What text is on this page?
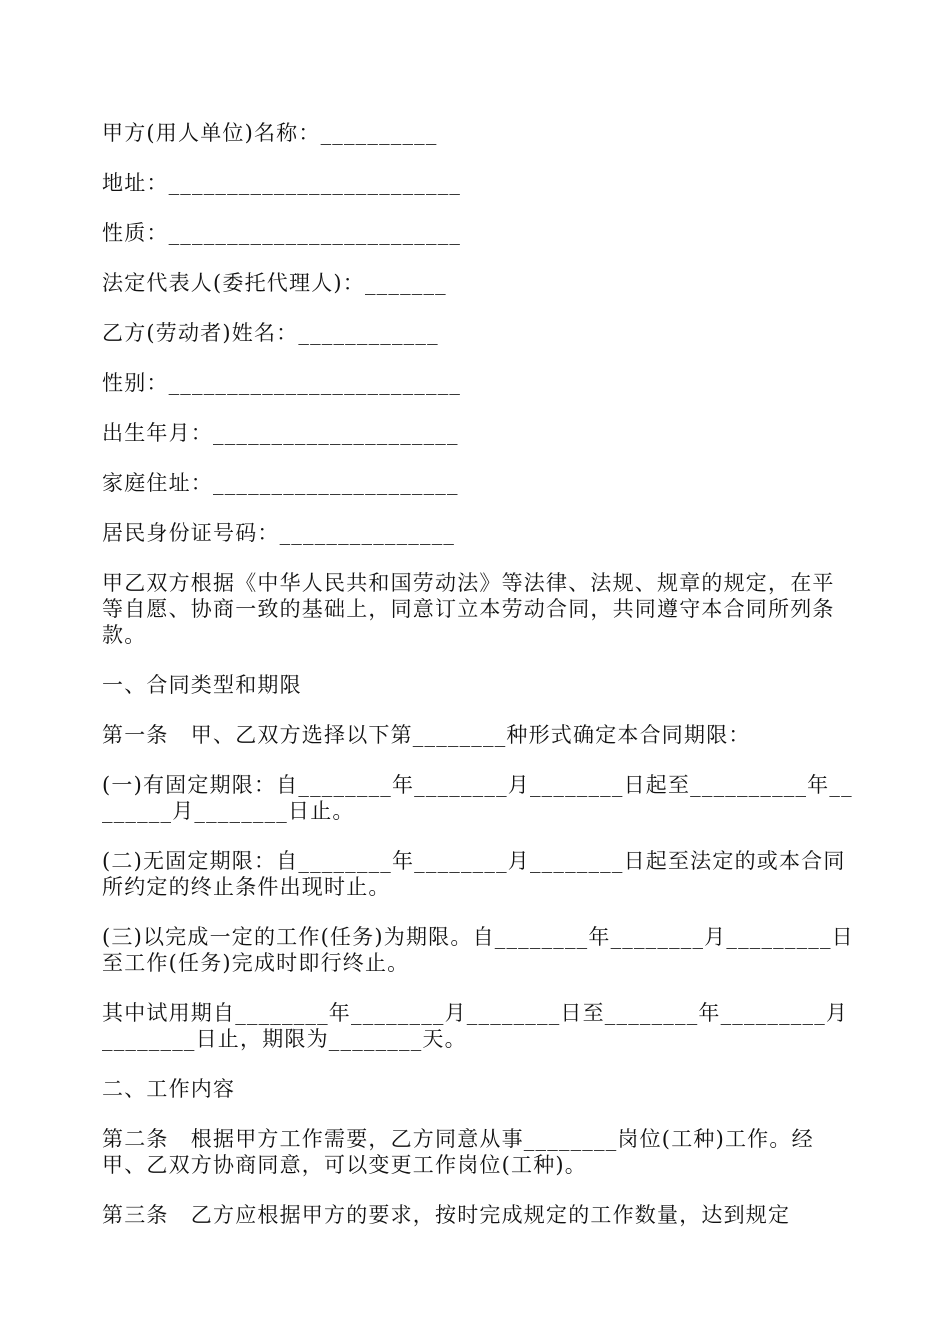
甲方(用人单位)名称：__________

地址：_________________________

性质：_________________________

法定代表人(委托代理人)：_______

乙方(劳动者)姓名：____________

性别：_________________________

出生年月：_____________________

家庭住址：_____________________

居民身份证号码：_______________

甲乙双方根据《中华人民共和国劳动法》等法律、法规、规章的规定，在平等自愿、协商一致的基础上，同意订立本劳动合同，共同遵守本合同所列条款。

一、合同类型和期限

第一条　甲、乙双方选择以下第________种形式确定本合同期限：

(一)有固定期限：自________年________月________日起至__________年________月________日止。

(二)无固定期限：自________年________月________日起至法定的或本合同所约定的终止条件出现时止。

(三)以完成一定的工作(任务)为期限。自________年________月_________日至工作(任务)完成时即行终止。

其中试用期自________年________月________日至________年_________月________日止，期限为________天。

二、工作内容

第二条　根据甲方工作需要，乙方同意从事________岗位(工种)工作。经甲、乙双方协商同意，可以变更工作岗位(工种)。

第三条　乙方应根据甲方的要求，按时完成规定的工作数量，达到规定
